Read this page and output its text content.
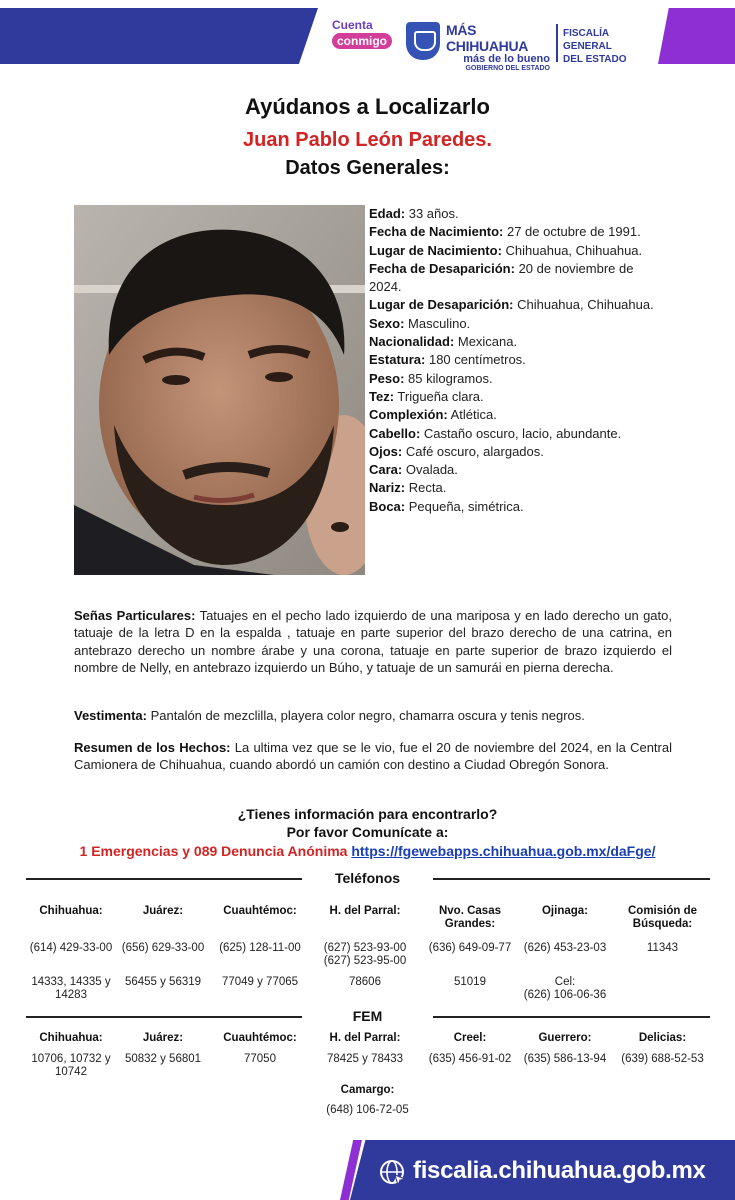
Cuenta
conmigo
MÁS CHIHUAHUA
más de lo bueno
GOBIERNO DEL ESTADO
FISCALÍA GENERAL
DEL ESTADO
Ayúdanos a Localizarlo
Juan Pablo León Paredes.
Datos Generales:
Edad: 33 años.
Fecha de Nacimiento: 27 de octubre de 1991.
Lugar de Nacimiento: Chihuahua, Chihuahua.
Fecha de Desaparición: 20 de noviembre de 2024.
Lugar de Desaparición: Chihuahua, Chihuahua.
Sexo: Masculino.
Nacionalidad: Mexicana.
Estatura: 180 centímetros.
Peso: 85 kilogramos.
Tez: Trigueña clara.
Complexión: Atlética.
Cabello: Castaño oscuro, lacio, abundante.
Ojos: Café oscuro, alargados.
Cara: Ovalada.
Nariz: Recta.
Boca: Pequeña, simétrica.
Señas Particulares: Tatuajes en el pecho lado izquierdo de una mariposa y en lado derecho un gato, tatuaje de la letra D en la espalda , tatuaje en parte superior del brazo derecho de una catrina, en antebrazo derecho un nombre árabe y una corona, tatuaje en parte superior de brazo izquierdo el nombre de Nelly, en antebrazo izquierdo un Búho, y tatuaje de un samurái en pierna derecha.
Vestimenta: Pantalón de mezclilla, playera color negro, chamarra oscura y tenis negros.
Resumen de los Hechos: La ultima vez que se le vio, fue el 20 de noviembre del 2024, en la Central Camionera de Chihuahua, cuando abordó un camión con destino a Ciudad Obregón Sonora.
¿Tienes información para encontrarlo?
Por favor Comunícate a:
1 Emergencias y 089 Denuncia Anónima https://fgewebapps.chihuahua.gob.mx/daFge/
Teléfonos
Chihuahua:
(614) 429-33-00
14333, 14335 y 14283
Juárez:
(656) 629-33-00
56455 y 56319
Cuauhtémoc:
(625) 128-11-00
77049 y 77065
H. del Parral:
(627) 523-93-00
(627) 523-95-00
78606
Nvo. Casas Grandes:
(636) 649-09-77
51019
Ojinaga:
(626) 453-23-03
Cel:
(626) 106-06-36
Comisión de Búsqueda:
11343
FEM
Chihuahua:
10706, 10732 y 10742
Juárez:
50832 y 56801
Cuauhtémoc:
77050
H. del Parral:
78425 y 78433
Creel:
(635) 456-91-02
Guerrero:
(635) 586-13-94
Delicias:
(639) 688-52-53
Camargo:
(648) 106-72-05
fiscalia.chihuahua.gob.mx
